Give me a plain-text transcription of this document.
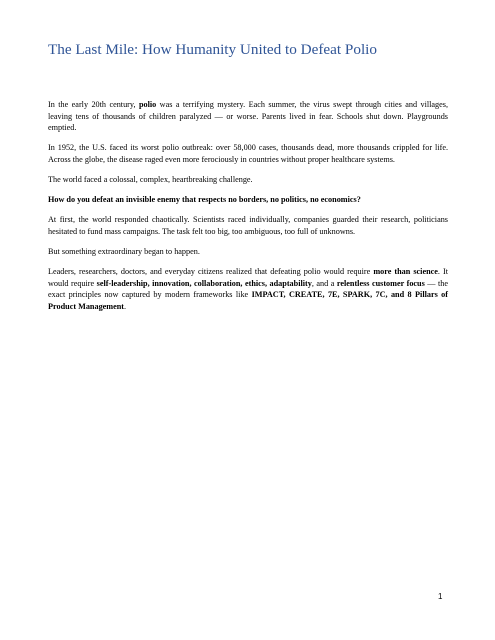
The Last Mile: How Humanity United to Defeat Polio

In the early 20th century, polio was a terrifying mystery. Each summer, the virus swept through cities and villages, leaving tens of thousands of children paralyzed — or worse. Parents lived in fear. Schools shut down. Playgrounds emptied.

In 1952, the U.S. faced its worst polio outbreak: over 58,000 cases, thousands dead, more thousands crippled for life. Across the globe, the disease raged even more ferociously in countries without proper healthcare systems.

The world faced a colossal, complex, heartbreaking challenge.

How do you defeat an invisible enemy that respects no borders, no politics, no economics?

At first, the world responded chaotically. Scientists raced individually, companies guarded their research, politicians hesitated to fund mass campaigns. The task felt too big, too ambiguous, too full of unknowns.

But something extraordinary began to happen.

Leaders, researchers, doctors, and everyday citizens realized that defeating polio would require more than science. It would require self-leadership, innovation, collaboration, ethics, adaptability, and a relentless customer focus — the exact principles now captured by modern frameworks like IMPACT, CREATE, 7E, SPARK, 7C, and 8 Pillars of Product Management.

1
